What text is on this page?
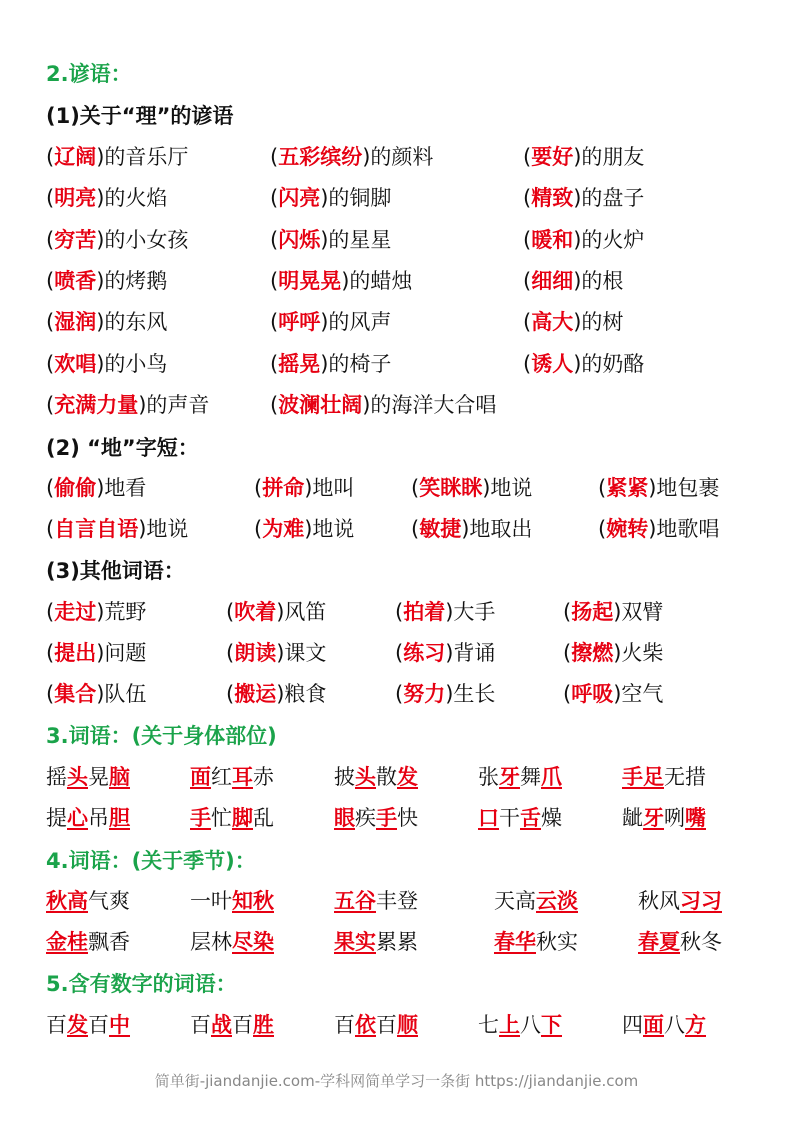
2.谚语：
(1)关于“理”的谚语
(辽阔)的音乐厅	(五彩缤纷)的颜料	(要好)的朋友
(明亮)的火焰	(闪亮)的铜脚	(精致)的盘子
(穷苦)的小女孩	(闪烁)的星星	(暖和)的火炉
(喷香)的烤鹅	(明晃晃)的蜡烛	(细细)的根
(湿润)的东风	(呼呼)的风声	(高大)的树
(欢唱)的小鸟	(摇晃)的椅子	(诱人)的奶酪
(充满力量)的声音	(波澜壮阔)的海洋大合唱
(2) “地”字短：
(偷偷)地看	(拼命)地叫	(笑眯眯)地说	(紧紧)地包裹
(自言自语)地说	(为难)地说	(敏捷)地取出	(婉转)地歌唱
(3)其他词语：
(走过)荒野	(吹着)风笛	(拍着)大手	(扬起)双臂
(提出)问题	(朗读)课文	(练习)背诵	(擦燃)火柴
(集合)队伍	(搬运)粮食	(努力)生长	(呼吸)空气
3.词语：(关于身体部位)
摇头晃脑	面红耳赤	披头散发	张牙舞爪	手足无措
提心吊胆	手忙脚乱	眼疾手快	口干舌燥	龇牙咧嘴
4.词语：(关于季节)：
秋高气爽	一叶知秋	五谷丰登	天高云淡	秋风习习
金桂飘香	层林尽染	果实累累	春华秋实	春夏秋冬
5.含有数字的词语：
百发百中	百战百胜	百依百顺	七上八下	四面八方
简单街-jiandanjie.com-学科网简单学习一条街 https://jiandanjie.com
